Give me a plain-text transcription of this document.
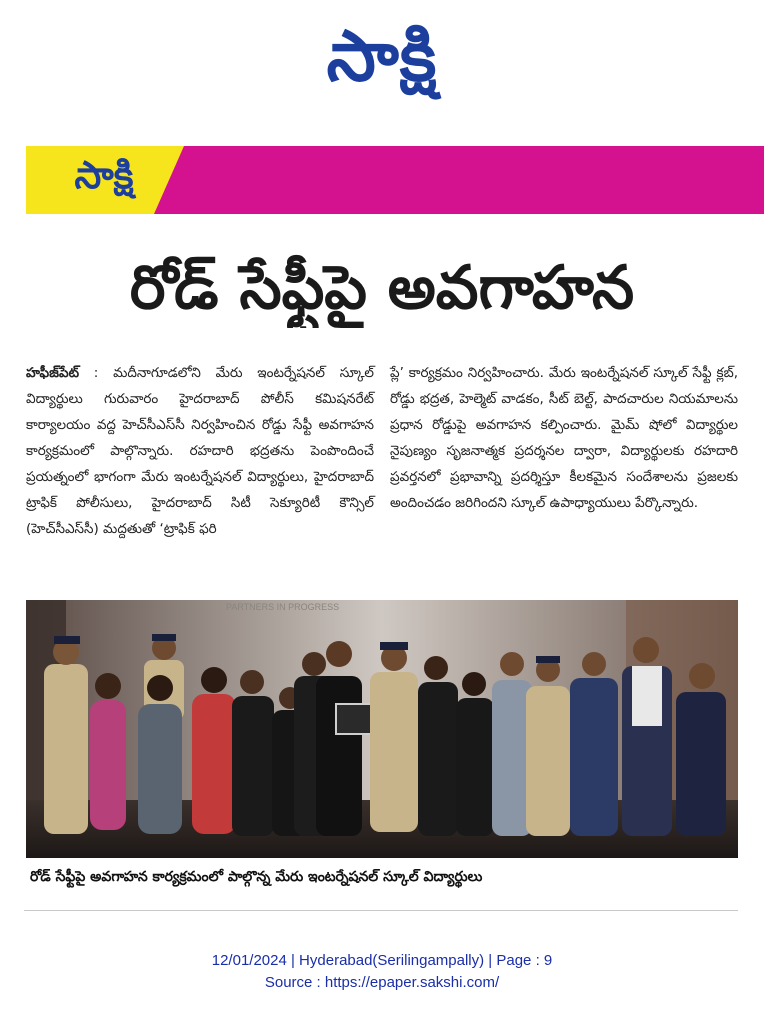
సాక్షి
సాక్షి
రోడ్ సేఫ్టీపై అవగాహన
హఫీజ్‌పేట్ : మదీనాగూడలోని మేరు ఇంటర్నేషనల్ స్కూల్ విద్యార్థులు గురువారం హైదరాబాద్ పోలీస్ కమిషనరేట్ కార్యాలయం వద్ద హెచ్‌సీఎస్‌సీ నిర్వహించిన రోడ్డు సేఫ్టీ అవగాహన కార్యక్రమంలో పాల్గొన్నారు. రహదారి భద్రతను పెంపొందించే ప్రయత్నంలో భాగంగా మేరు ఇంటర్నేషనల్ విద్యార్థులు, హైదరాబాద్ ట్రాఫిక్ పోలీసులు, హైదరాబాద్ సిటీ సెక్యూరిటీ కౌన్సిల్ (హెచ్‌సీఎస్‌సీ) మద్దతుతో ‘ట్రాఫిక్ ఫరి
ప్లే’ కార్యక్రమం నిర్వహించారు. మేరు ఇంటర్నేషనల్ స్కూల్ సేఫ్టీ క్లబ్, రోడ్డు భద్రత, హెల్మెట్ వాడకం, సీట్ బెల్ట్, పాదచారుల నియమాలను ప్రధాన రోడ్డుపై అవగాహన కల్పించారు. మైమ్ షోలో విద్యార్థుల నైపుణ్యం సృజనాత్మక ప్రదర్శనల ద్వారా, విద్యార్థులకు రహదారి ప్రవర్తనలో ప్రభావాన్ని ప్రదర్శిస్తూ కీలకమైన సందేశాలను ప్రజలకు అందించడం జరిగిందని స్కూల్ ఉపాధ్యాయులు పేర్కొన్నారు.
PARTNERS IN PROGRESS
రోడ్ సేఫ్టీపై అవగాహన కార్యక్రమంలో పాల్గొన్న మేరు ఇంటర్నేషనల్ స్కూల్ విద్యార్థులు
12/01/2024 | Hyderabad(Serilingampally) | Page : 9
Source : https://epaper.sakshi.com/
